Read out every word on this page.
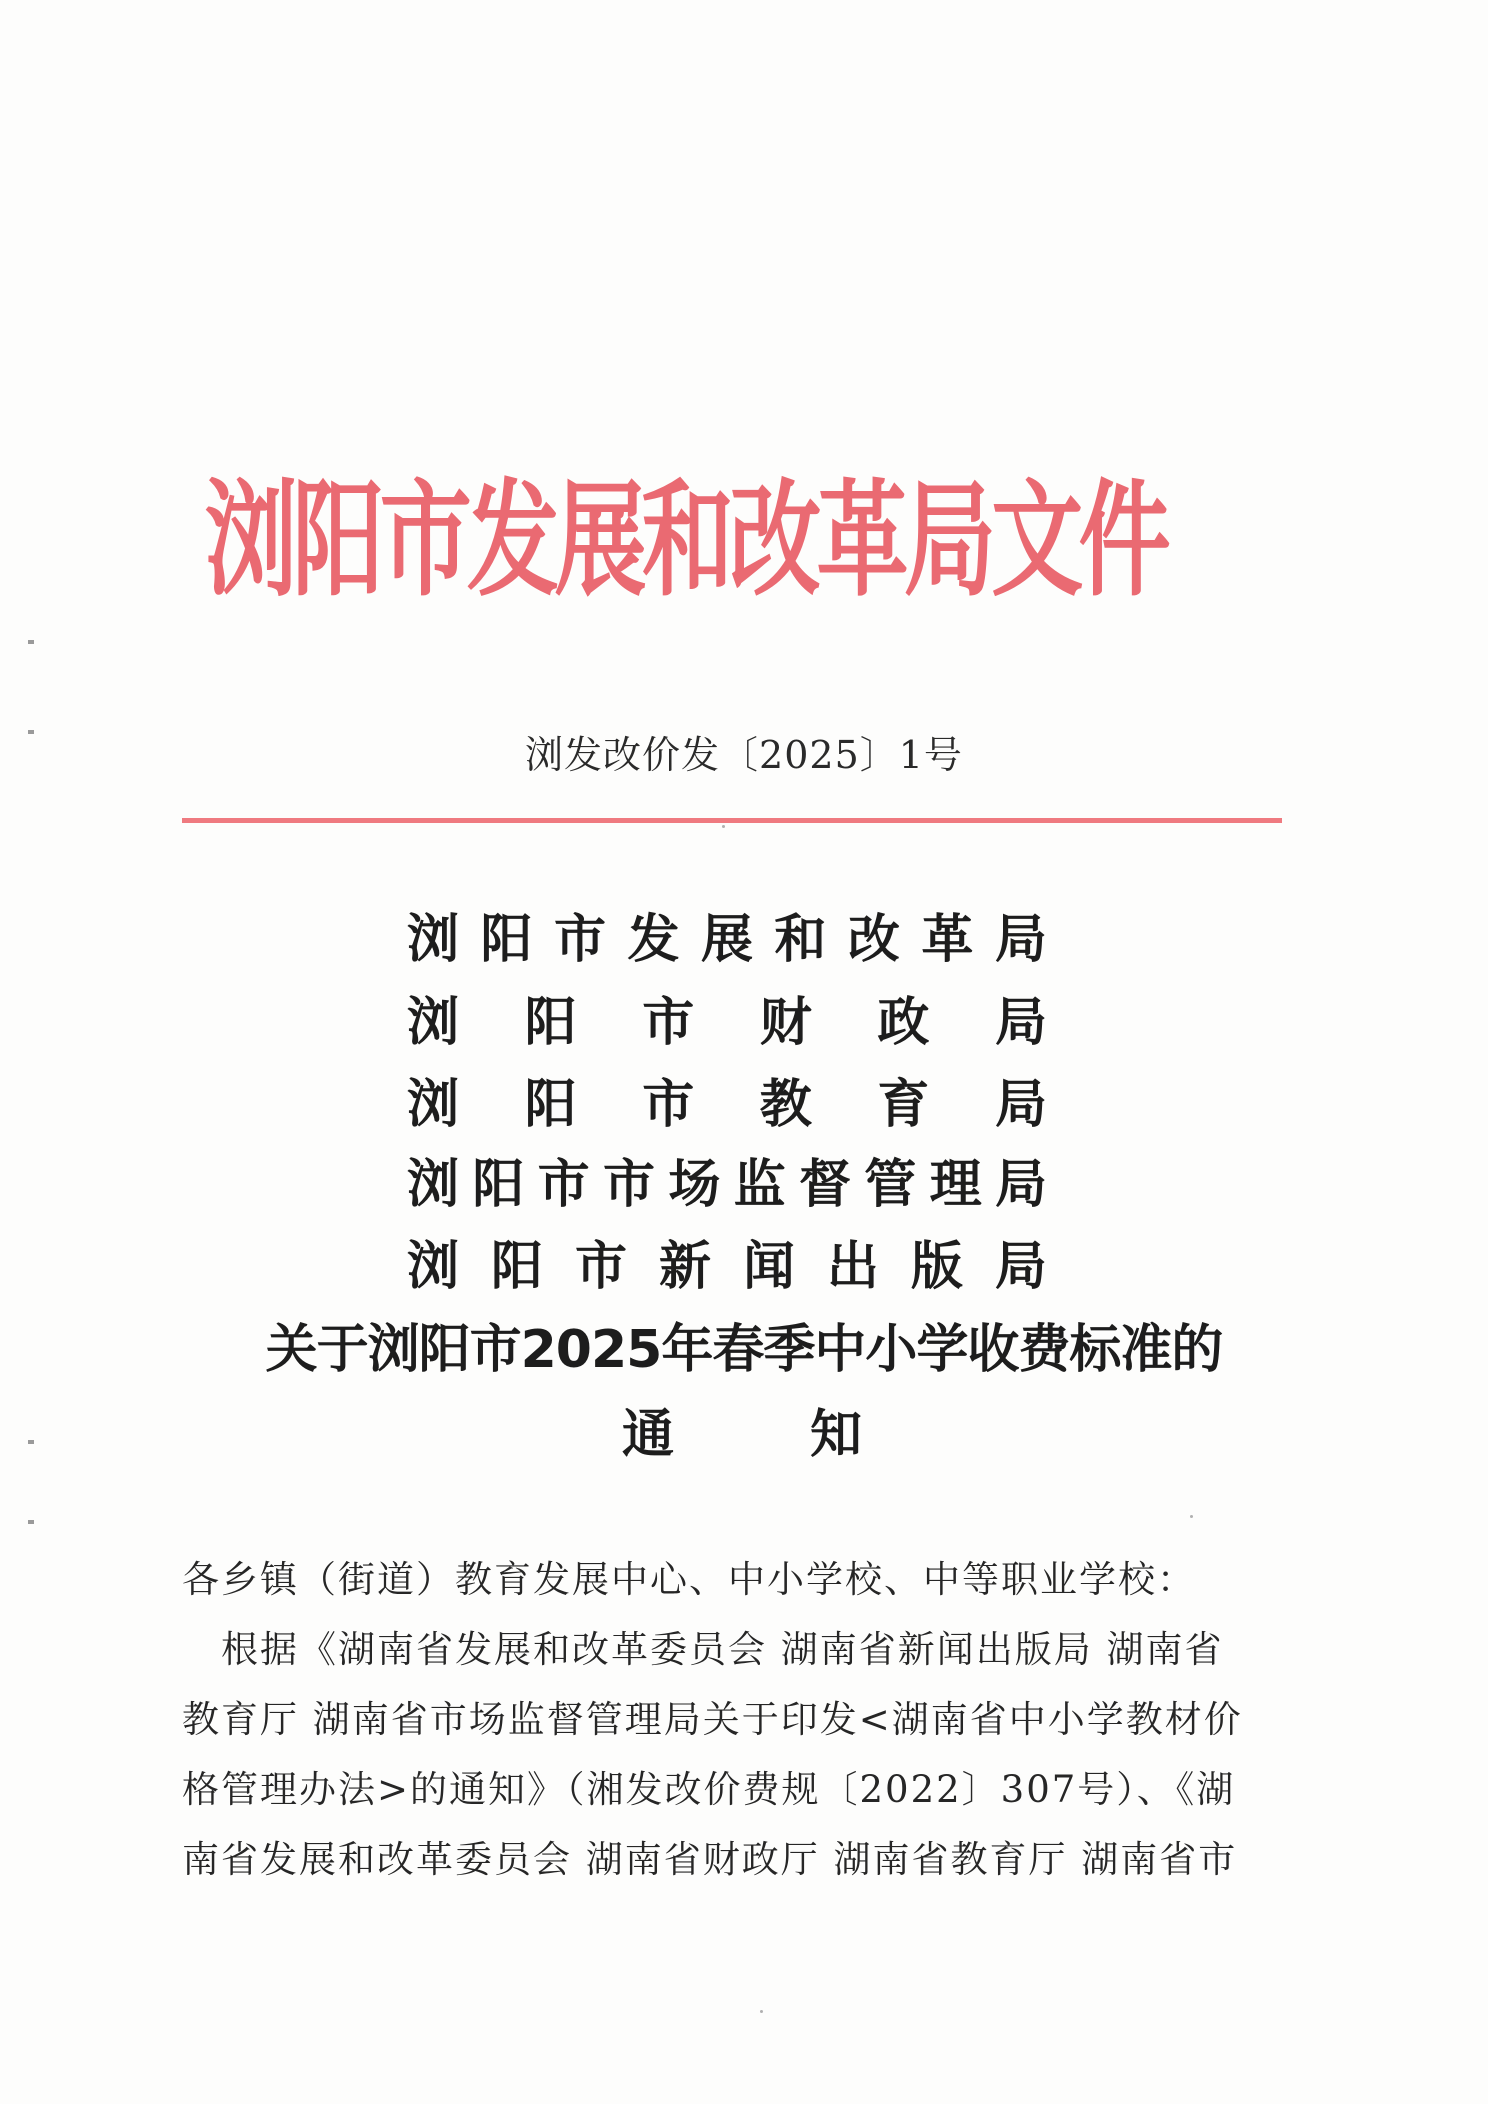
浏阳市发展和改革局文件
浏发改价发〔2025〕1号
浏 阳 市 发 展 和 改 革 局
浏 阳 市 财 政 局
浏 阳 市 教 育 局
浏 阳 市 市 场 监 督 管 理 局
浏 阳 市 新 闻 出 版 局
关于浏阳市2025年春季中小学收费标准的
通	知
各乡镇（街道）教育发展中心、中小学校、中等职业学校：
　根据《湖南省发展和改革委员会 湖南省新闻出版局 湖南省
教育厅 湖南省市场监督管理局关于印发<湖南省中小学教材价
格管理办法>的通知》（湘发改价费规〔2022〕307号）、《湖
南省发展和改革委员会 湖南省财政厅 湖南省教育厅 湖南省市
